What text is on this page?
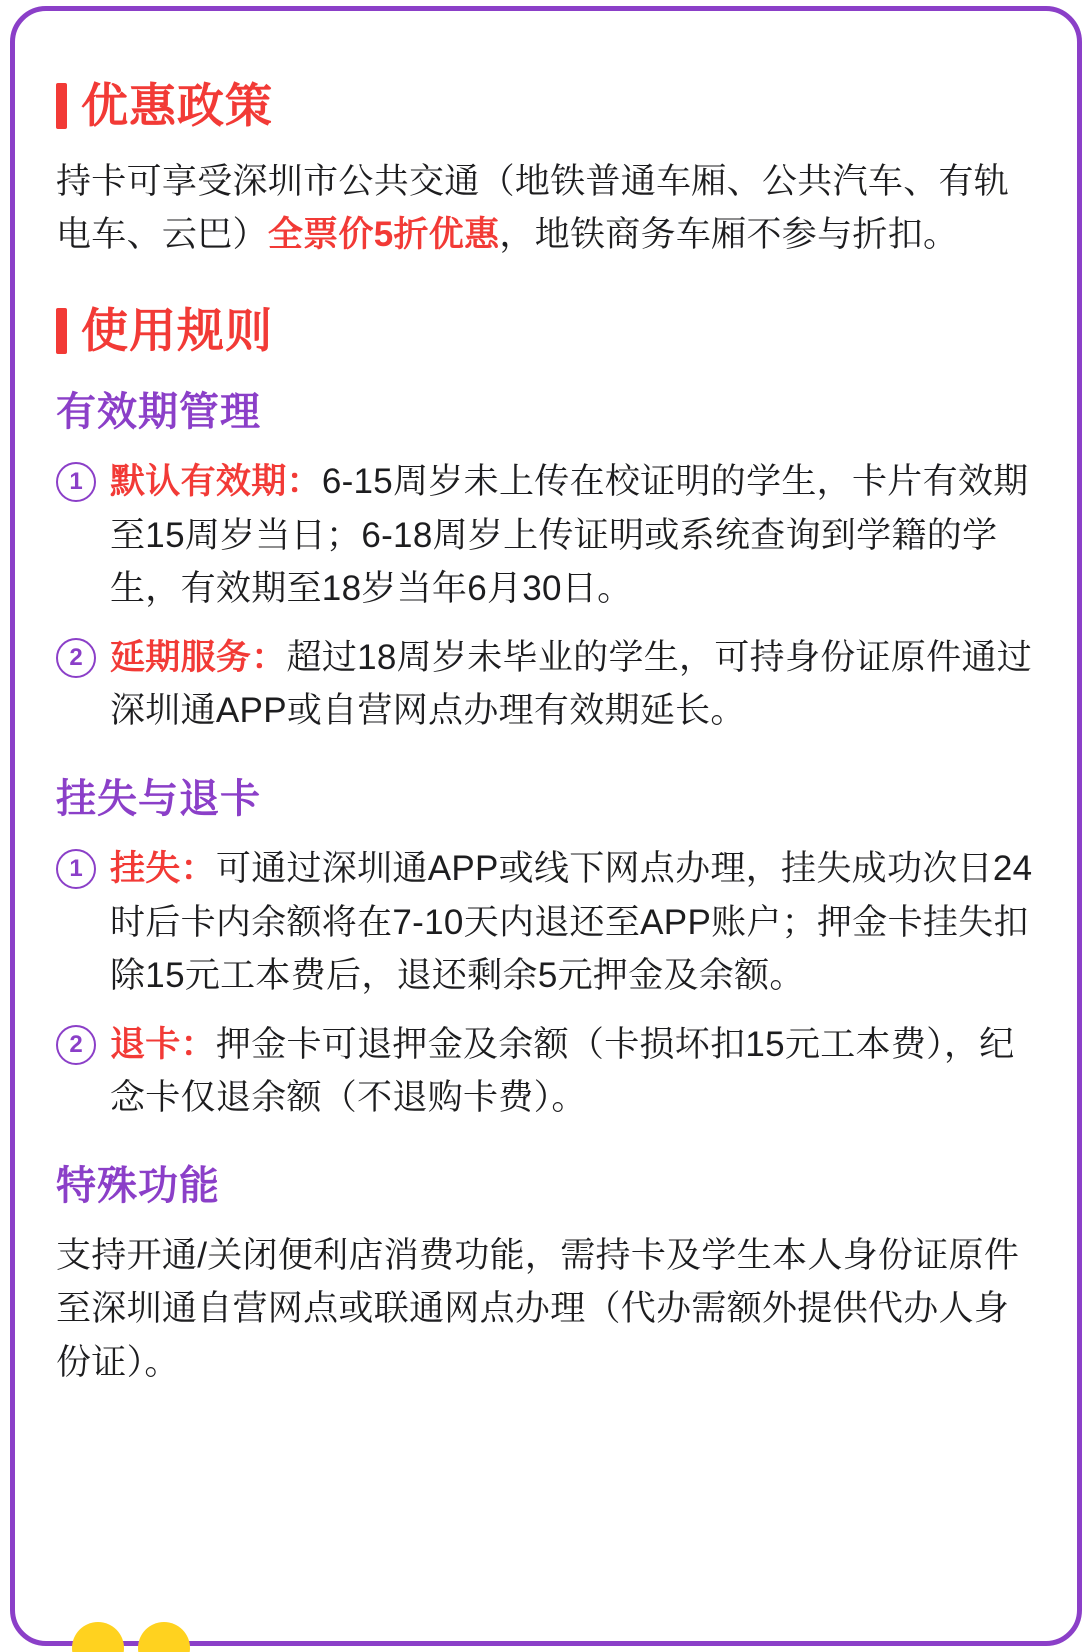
优惠政策

持卡可享受深圳市公共交通（地铁普通车厢、公共汽车、有轨电车、云巴）全票价5折优惠，地铁商务车厢不参与折扣。

使用规则
有效期管理
1 默认有效期：6-15周岁未上传在校证明的学生，卡片有效期至15周岁当日；6-18周岁上传证明或系统查询到学籍的学生，有效期至18岁当年6月30日。
2 延期服务：超过18周岁未毕业的学生，可持身份证原件通过深圳通APP或自营网点办理有效期延长。
挂失与退卡
1 挂失：可通过深圳通APP或线下网点办理，挂失成功次日24时后卡内余额将在7-10天内退还至APP账户；押金卡挂失扣除15元工本费后，退还剩余5元押金及余额。
2 退卡：押金卡可退押金及余额（卡损坏扣15元工本费），纪念卡仅退余额（不退购卡费）。
特殊功能

支持开通/关闭便利店消费功能，需持卡及学生本人身份证原件至深圳通自营网点或联通网点办理（代办需额外提供代办人身份证）。
